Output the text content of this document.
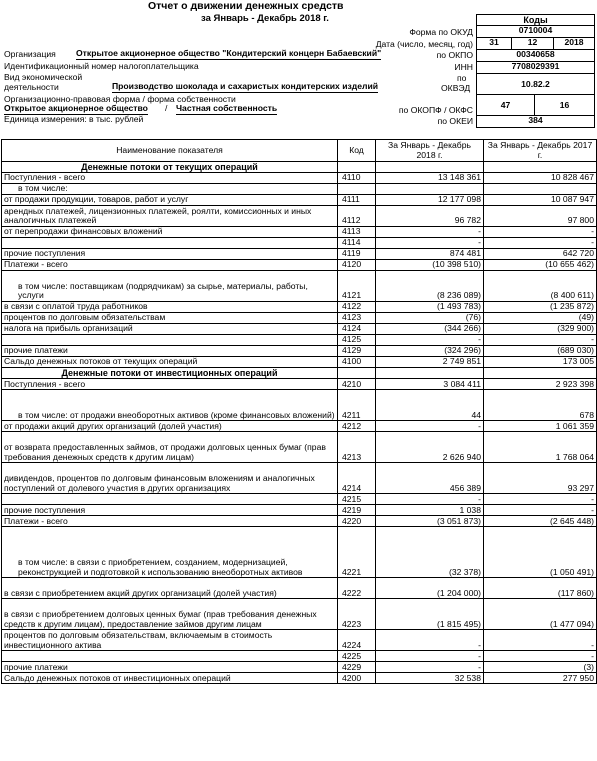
Отчет о движении денежных средств
за Январь - Декабрь 2018 г.	Коды
Форма по ОКУД	0710004
Дата (число, месяц, год)	31	12	2018
Организация Открытое акционерное общество "Кондитерский концерн Бабаевский"	по ОКПО	00340658
Идентификационный номер налогоплательщика	ИНН	7708029391
Вид экономической
деятельности	Производство шоколада и сахаристых кондитерских изделий
по
ОКВЭД	10.82.2
Организационно-правовая форма / форма собственности
Открытое акционерное общество / Частная собственность	по ОКОПФ / ОКФС	47	16
Единица измерения: в тыс. рублей	по ОКЕИ	384
Наименование показателя	Код	За Январь - Декабрь 2018 г.	За Январь - Декабрь 2017 г.
Денежные потоки от текущих операций			
Поступления - всего	4110	13 148 361	10 828 467
в том числе:			
от продажи продукции, товаров, работ и услуг	4111	12 177 098	10 087 947
арендных платежей, лицензионных платежей, роялти, комиссионных и иных аналогичных платежей	4112	96 782	97 800
от перепродажи финансовых вложений	4113	-	-
	4114	-	-
прочие поступления	4119	874 481	642 720
Платежи - всего	4120	(10 398 510)	(10 655 462)
в том числе: поставщикам (подрядчикам) за сырье, материалы, работы, услуги	4121	(8 236 089)	(8 400 611)
в связи с оплатой труда работников	4122	(1 493 783)	(1 235 872)
процентов по долговым обязательствам	4123	(76)	(49)
налога на прибыль организаций	4124	(344 266)	(329 900)
	4125	-	-
прочие платежи	4129	(324 296)	(689 030)
Сальдо денежных потоков от текущих операций	4100	2 749 851	173 005
Денежные потоки от инвестиционных операций			
Поступления - всего	4210	3 084 411	2 923 398
в том числе: от продажи внеоборотных активов (кроме финансовых вложений)	4211	44	678
от продажи акций других организаций (долей участия)	4212	-	1 061 359
от возврата предоставленных займов, от продажи долговых ценных бумаг (прав требования денежных средств к другим лицам)	4213	2 626 940	1 768 064
дивидендов, процентов по долговым финансовым вложениям и аналогичных поступлений от долевого участия в других организациях	4214	456 389	93 297
	4215	-	-
прочие поступления	4219	1 038	-
Платежи - всего	4220	(3 051 873)	(2 645 448)
в том числе: в связи с приобретением, созданием, модернизацией, реконструкцией и подготовкой к использованию внеоборотных активов	4221	(32 378)	(1 050 491)
в связи с приобретением акций других организаций (долей участия)	4222	(1 204 000)	(117 860)
в связи с приобретением долговых ценных бумаг (прав требования денежных средств к другим лицам), предоставление займов другим лицам	4223	(1 815 495)	(1 477 094)
процентов по долговым обязательствам, включаемым в стоимость инвестиционного актива	4224	-	-
	4225	-	-
прочие платежи	4229	-	(3)
Сальдо денежных потоков от инвестиционных операций	4200	32 538	277 950
